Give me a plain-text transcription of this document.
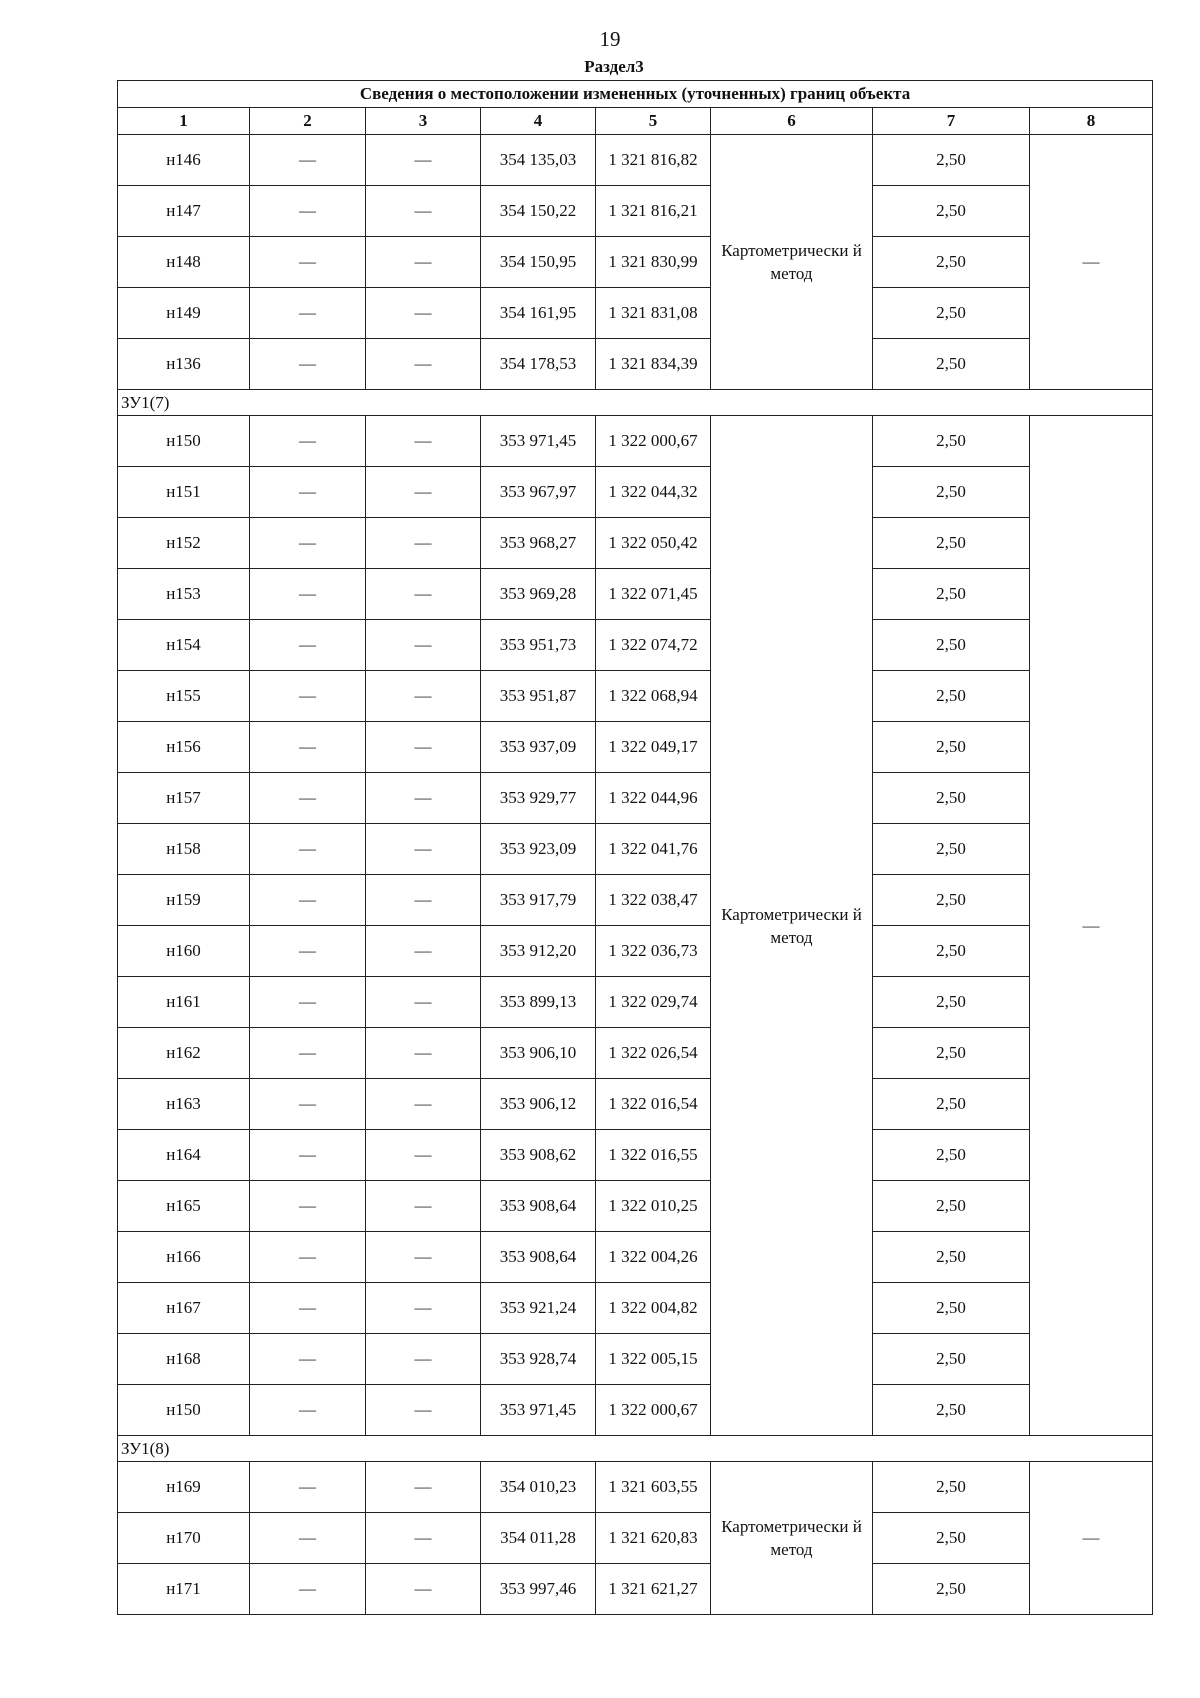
19
Раздел3
Сведения о местоположении измененных (уточненных) границ объекта							
1	2	3	4	5	6	7	8
н146	—	—	354 135,03	1 321 816,82	Картометрически й метод	2,50	—
н147	—	—	354 150,22	1 321 816,21		2,50	
н148	—	—	354 150,95	1 321 830,99		2,50	
н149	—	—	354 161,95	1 321 831,08		2,50	
н136	—	—	354 178,53	1 321 834,39		2,50	
ЗУ1(7)							
н150	—	—	353 971,45	1 322 000,67	Картометрически й метод	2,50	—
н151	—	—	353 967,97	1 322 044,32		2,50	
н152	—	—	353 968,27	1 322 050,42		2,50	
н153	—	—	353 969,28	1 322 071,45		2,50	
н154	—	—	353 951,73	1 322 074,72		2,50	
н155	—	—	353 951,87	1 322 068,94		2,50	
н156	—	—	353 937,09	1 322 049,17		2,50	
н157	—	—	353 929,77	1 322 044,96		2,50	
н158	—	—	353 923,09	1 322 041,76		2,50	
н159	—	—	353 917,79	1 322 038,47		2,50	
н160	—	—	353 912,20	1 322 036,73		2,50	
н161	—	—	353 899,13	1 322 029,74		2,50	
н162	—	—	353 906,10	1 322 026,54		2,50	
н163	—	—	353 906,12	1 322 016,54		2,50	
н164	—	—	353 908,62	1 322 016,55		2,50	
н165	—	—	353 908,64	1 322 010,25		2,50	
н166	—	—	353 908,64	1 322 004,26		2,50	
н167	—	—	353 921,24	1 322 004,82		2,50	
н168	—	—	353 928,74	1 322 005,15		2,50	
н150	—	—	353 971,45	1 322 000,67		2,50	
ЗУ1(8)							
н169	—	—	354 010,23	1 321 603,55	Картометрически й метод	2,50	—
н170	—	—	354 011,28	1 321 620,83		2,50	
н171	—	—	353 997,46	1 321 621,27		2,50	
